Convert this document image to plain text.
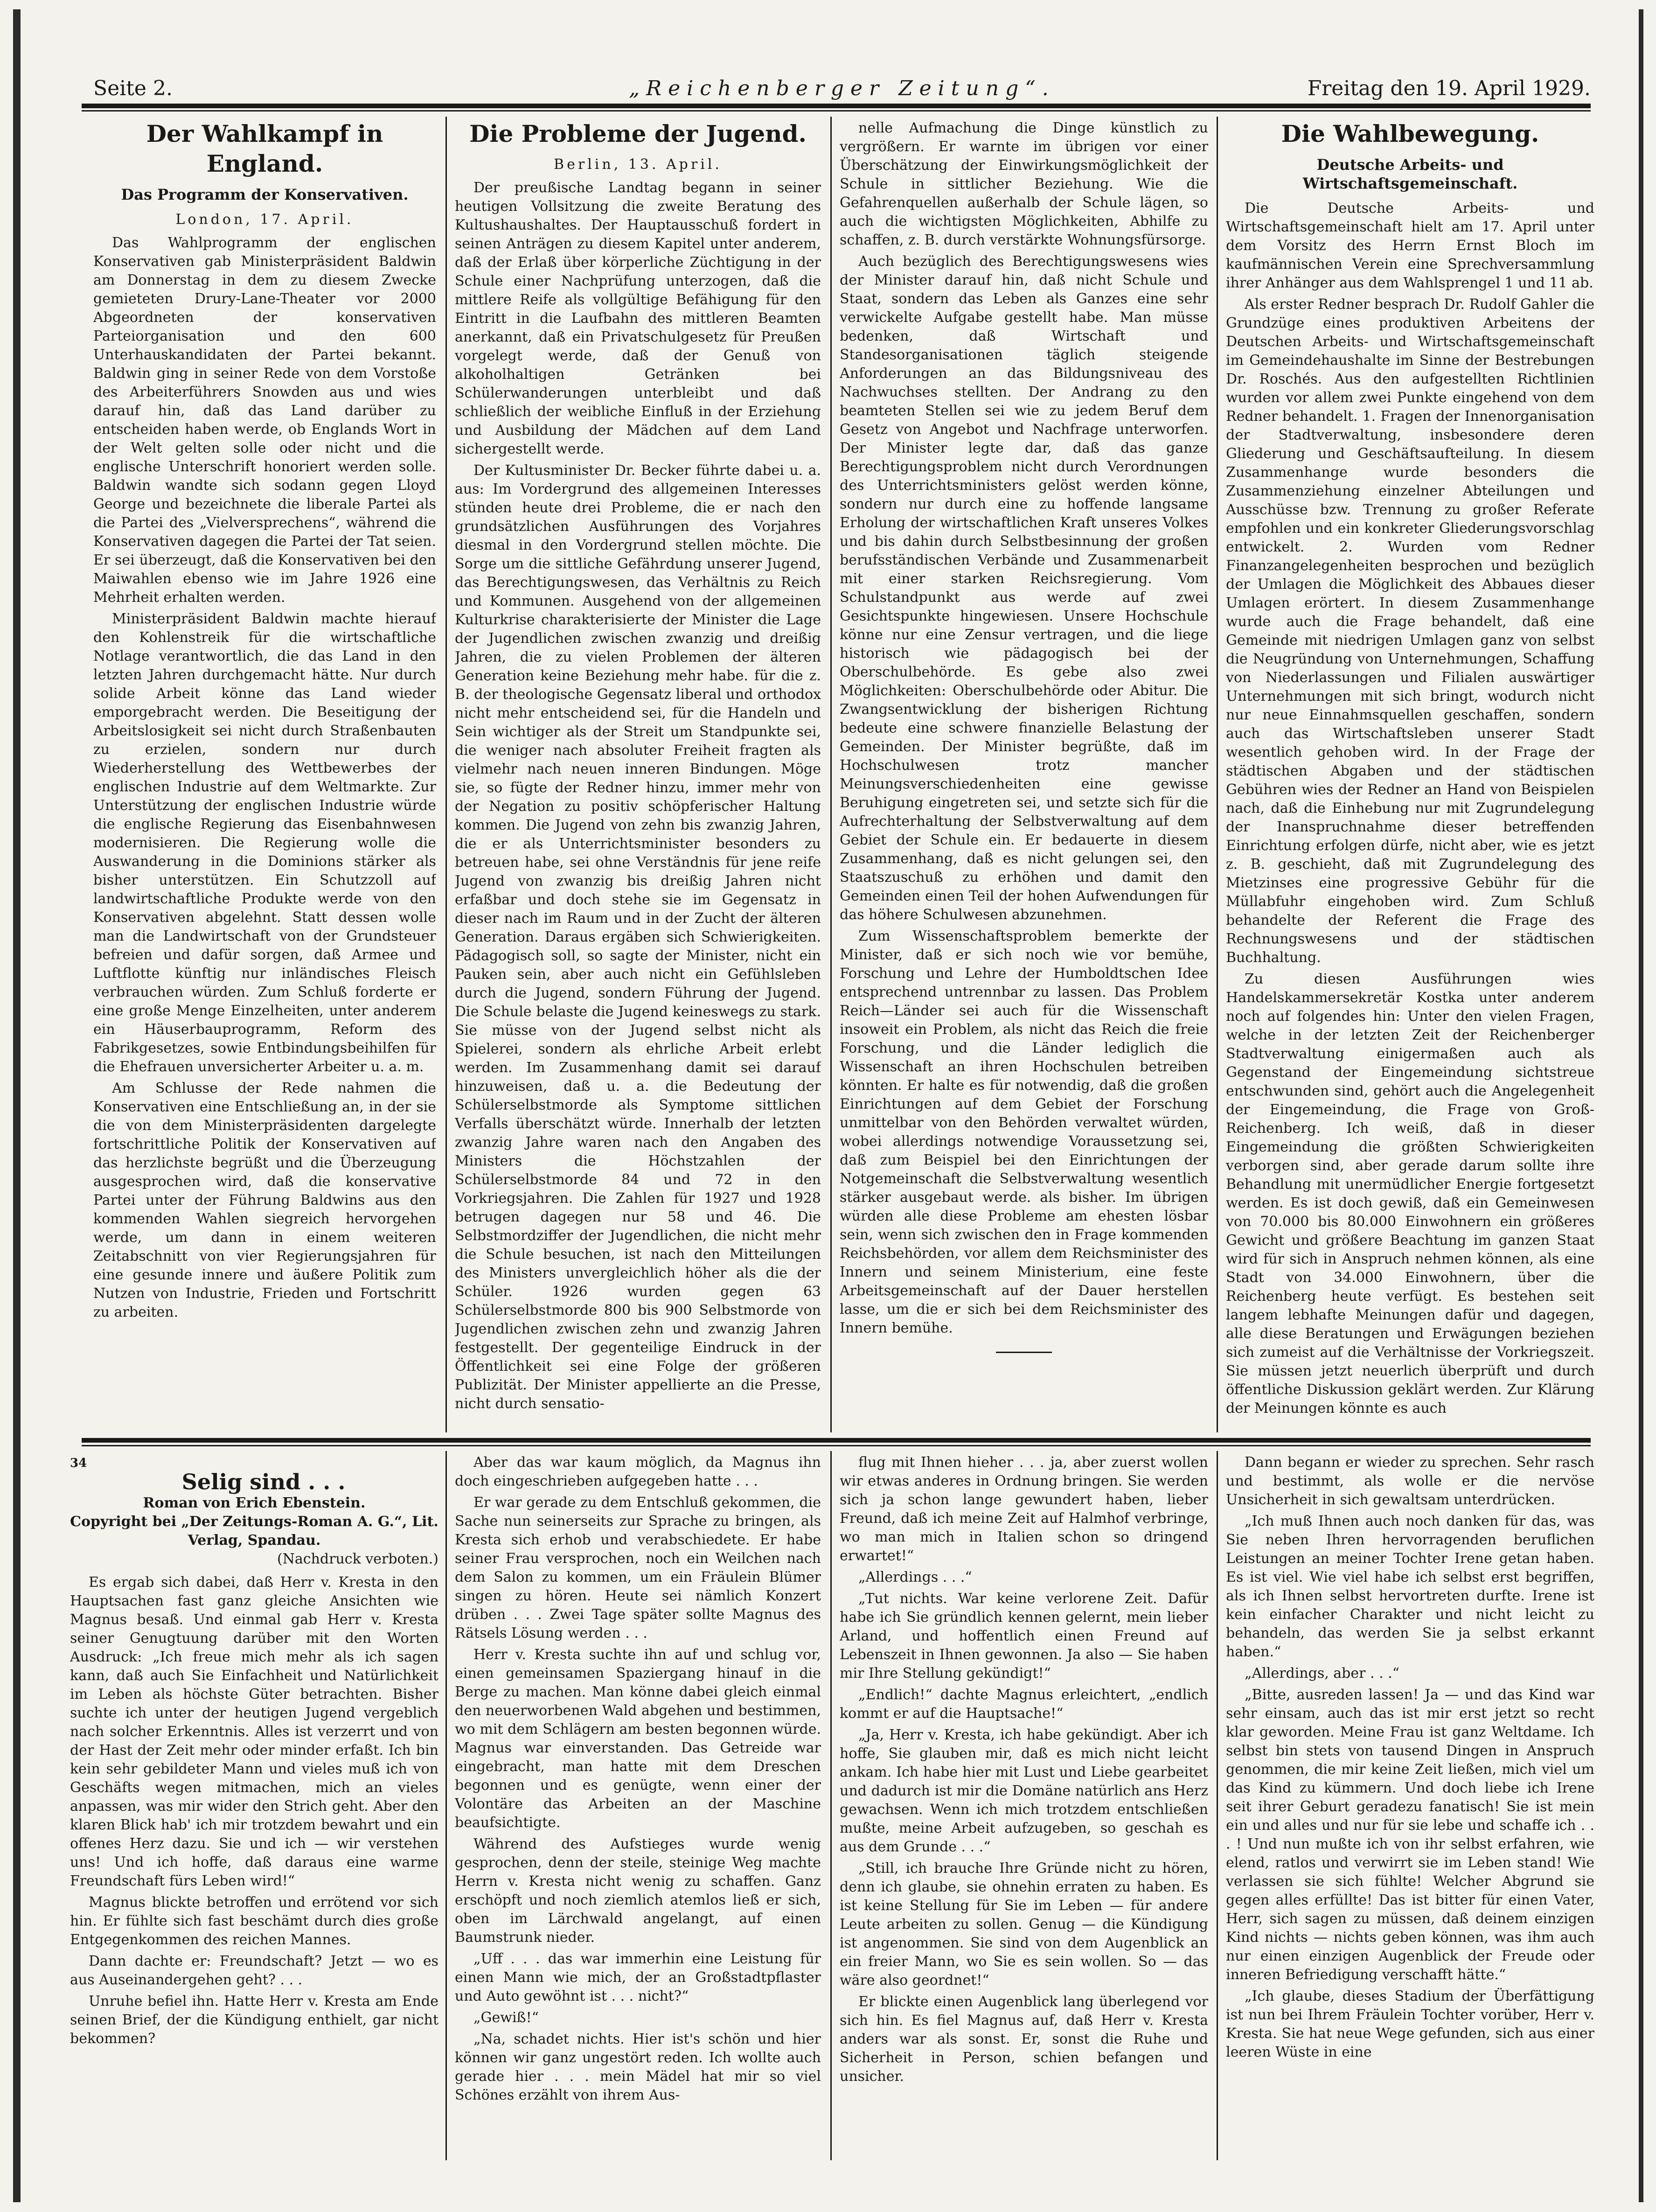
Seite 2.	„Reichenberger Zeitung“.	Freitag den 19. April 1929.

Der Wahlkampf in England.

Das Programm der Konservativen.

London, 17. April.

Das Wahlprogramm der englischen Konservativen gab Ministerpräsident Baldwin am Donnerstag in dem zu diesem Zwecke gemieteten Drury-Lane-Theater vor 2000 Abgeordneten der konservativen Parteiorganisation und den 600 Unterhauskandidaten der Partei bekannt. Baldwin ging in seiner Rede von dem Vorstoße des Arbeiterführers Snowden aus und wies darauf hin, daß das Land darüber zu entscheiden haben werde, ob Englands Wort in der Welt gelten solle oder nicht und die englische Unterschrift honoriert werden solle. Baldwin wandte sich sodann gegen Lloyd George und bezeichnete die liberale Partei als die Partei des „Vielversprechens“, während die Konservativen dagegen die Partei der Tat seien. Er sei überzeugt, daß die Konservativen bei den Maiwahlen ebenso wie im Jahre 1926 eine Mehrheit erhalten werden.

Ministerpräsident Baldwin machte hierauf den Kohlenstreik für die wirtschaftliche Notlage verantwortlich, die das Land in den letzten Jahren durchgemacht hätte. Nur durch solide Arbeit könne das Land wieder emporgebracht werden. Die Beseitigung der Arbeitslosigkeit sei nicht durch Straßenbauten zu erzielen, sondern nur durch Wiederherstellung des Wettbewerbes der englischen Industrie auf dem Weltmarkte. Zur Unterstützung der englischen Industrie würde die englische Regierung das Eisenbahnwesen modernisieren. Die Regierung wolle die Auswanderung in die Dominions stärker als bisher unterstützen. Ein Schutzzoll auf landwirtschaftliche Produkte werde von den Konservativen abgelehnt. Statt dessen wolle man die Landwirtschaft von der Grundsteuer befreien und dafür sorgen, daß Armee und Luftflotte künftig nur inländisches Fleisch verbrauchen würden. Zum Schluß forderte er eine große Menge Einzelheiten, unter anderem ein Häuserbauprogramm, Reform des Fabrikgesetzes, sowie Entbindungsbeihilfen für die Ehefrauen unversicherter Arbeiter u. a. m.

Am Schlusse der Rede nahmen die Konservativen eine Entschließung an, in der sie die von dem Ministerpräsidenten dargelegte fortschrittliche Politik der Konservativen auf das herzlichste begrüßt und die Überzeugung ausgesprochen wird, daß die konservative Partei unter der Führung Baldwins aus den kommenden Wahlen siegreich hervorgehen werde, um dann in einem weiteren Zeitabschnitt von vier Regierungsjahren für eine gesunde innere und äußere Politik zum Nutzen von Industrie, Frieden und Fortschritt zu arbeiten.

Die Probleme der Jugend.

Berlin, 13. April.

Der preußische Landtag begann in seiner heutigen Vollsitzung die zweite Beratung des Kultushaushaltes. Der Hauptausschuß fordert in seinen Anträgen zu diesem Kapitel unter anderem, daß der Erlaß über körperliche Züchtigung in der Schule einer Nachprüfung unterzogen, daß die mittlere Reife als vollgültige Befähigung für den Eintritt in die Laufbahn des mittleren Beamten anerkannt, daß ein Privatschulgesetz für Preußen vorgelegt werde, daß der Genuß von alkoholhaltigen Getränken bei Schülerwanderungen unterbleibt und daß schließlich der weibliche Einfluß in der Erziehung und Ausbildung der Mädchen auf dem Land sichergestellt werde.

Der Kultusminister Dr. Becker führte dabei u. a. aus: Im Vordergrund des allgemeinen Interesses stünden heute drei Probleme, die er nach den grundsätzlichen Ausführungen des Vorjahres diesmal in den Vordergrund stellen möchte. Die Sorge um die sittliche Gefährdung unserer Jugend, das Berechtigungswesen, das Verhältnis zu Reich und Kommunen. Ausgehend von der allgemeinen Kulturkrise charakterisierte der Minister die Lage der Jugendlichen zwischen zwanzig und dreißig Jahren, die zu vielen Problemen der älteren Generation keine Beziehung mehr habe. für die z. B. der theologische Gegensatz liberal und orthodox nicht mehr entscheidend sei, für die Handeln und Sein wichtiger als der Streit um Standpunkte sei, die weniger nach absoluter Freiheit fragten als vielmehr nach neuen inneren Bindungen. Möge sie, so fügte der Redner hinzu, immer mehr von der Negation zu positiv schöpferischer Haltung kommen. Die Jugend von zehn bis zwanzig Jahren, die er als Unterrichtsminister besonders zu betreuen habe, sei ohne Verständnis für jene reife Jugend von zwanzig bis dreißig Jahren nicht erfaßbar und doch stehe sie im Gegensatz in dieser nach im Raum und in der Zucht der älteren Generation. Daraus ergäben sich Schwierigkeiten. Pädagogisch soll, so sagte der Minister, nicht ein Pauken sein, aber auch nicht ein Gefühlsleben durch die Jugend, sondern Führung der Jugend. Die Schule belaste die Jugend keineswegs zu stark. Sie müsse von der Jugend selbst nicht als Spielerei, sondern als ehrliche Arbeit erlebt werden. Im Zusammenhang damit sei darauf hinzuweisen, daß u. a. die Bedeutung der Schülerselbstmorde als Symptome sittlichen Verfalls überschätzt würde. Innerhalb der letzten zwanzig Jahre waren nach den Angaben des Ministers die Höchstzahlen der Schülerselbstmorde 84 und 72 in den Vorkriegsjahren. Die Zahlen für 1927 und 1928 betrugen dagegen nur 58 und 46. Die Selbstmordziffer der Jugendlichen, die nicht mehr die Schule besuchen, ist nach den Mitteilungen des Ministers unvergleichlich höher als die der Schüler. 1926 wurden gegen 63 Schülerselbstmorde 800 bis 900 Selbstmorde von Jugendlichen zwischen zehn und zwanzig Jahren festgestellt. Der gegenteilige Eindruck in der Öffentlichkeit sei eine Folge der größeren Publizität. Der Minister appellierte an die Presse, nicht durch sensatio-

nelle Aufmachung die Dinge künstlich zu vergrößern. Er warnte im übrigen vor einer Überschätzung der Einwirkungsmöglichkeit der Schule in sittlicher Beziehung. Wie die Gefahrenquellen außerhalb der Schule lägen, so auch die wichtigsten Möglichkeiten, Abhilfe zu schaffen, z. B. durch verstärkte Wohnungsfürsorge.

Auch bezüglich des Berechtigungswesens wies der Minister darauf hin, daß nicht Schule und Staat, sondern das Leben als Ganzes eine sehr verwickelte Aufgabe gestellt habe. Man müsse bedenken, daß Wirtschaft und Standesorganisationen täglich steigende Anforderungen an das Bildungsniveau des Nachwuchses stellten. Der Andrang zu den beamteten Stellen sei wie zu jedem Beruf dem Gesetz von Angebot und Nachfrage unterworfen. Der Minister legte dar, daß das ganze Berechtigungsproblem nicht durch Verordnungen des Unterrichtsministers gelöst werden könne, sondern nur durch eine zu hoffende langsame Erholung der wirtschaftlichen Kraft unseres Volkes und bis dahin durch Selbstbesinnung der großen berufsständischen Verbände und Zusammenarbeit mit einer starken Reichsregierung. Vom Schulstandpunkt aus werde auf zwei Gesichtspunkte hingewiesen. Unsere Hochschule könne nur eine Zensur vertragen, und die liege historisch wie pädagogisch bei der Oberschulbehörde. Es gebe also zwei Möglichkeiten: Oberschulbehörde oder Abitur. Die Zwangsentwicklung der bisherigen Richtung bedeute eine schwere finanzielle Belastung der Gemeinden. Der Minister begrüßte, daß im Hochschulwesen trotz mancher Meinungsverschiedenheiten eine gewisse Beruhigung eingetreten sei, und setzte sich für die Aufrechterhaltung der Selbstverwaltung auf dem Gebiet der Schule ein. Er bedauerte in diesem Zusammenhang, daß es nicht gelungen sei, den Staatszuschuß zu erhöhen und damit den Gemeinden einen Teil der hohen Aufwendungen für das höhere Schulwesen abzunehmen.

Zum Wissenschaftsproblem bemerkte der Minister, daß er sich noch wie vor bemühe, Forschung und Lehre der Humboldtschen Idee entsprechend untrennbar zu lassen. Das Problem Reich—Länder sei auch für die Wissenschaft insoweit ein Problem, als nicht das Reich die freie Forschung, und die Länder lediglich die Wissenschaft an ihren Hochschulen betreiben könnten. Er halte es für notwendig, daß die großen Einrichtungen auf dem Gebiet der Forschung unmittelbar von den Behörden verwaltet würden, wobei allerdings notwendige Voraussetzung sei, daß zum Beispiel bei den Einrichtungen der Notgemeinschaft die Selbstverwaltung wesentlich stärker ausgebaut werde. als bisher. Im übrigen würden alle diese Probleme am ehesten lösbar sein, wenn sich zwischen den in Frage kommenden Reichsbehörden, vor allem dem Reichsminister des Innern und seinem Ministerium, eine feste Arbeitsgemeinschaft auf der Dauer herstellen lasse, um die er sich bei dem Reichsminister des Innern bemühe.

Die Wahlbewegung.

Deutsche Arbeits- und Wirtschaftsgemeinschaft.

Die Deutsche Arbeits- und Wirtschaftsgemeinschaft hielt am 17. April unter dem Vorsitz des Herrn Ernst Bloch im kaufmännischen Verein eine Sprechversammlung ihrer Anhänger aus dem Wahlsprengel 1 und 11 ab.

Als erster Redner besprach Dr. Rudolf Gahler die Grundzüge eines produktiven Arbeitens der Deutschen Arbeits- und Wirtschaftsgemeinschaft im Gemeindehaushalte im Sinne der Bestrebungen Dr. Roschés. Aus den aufgestellten Richtlinien wurden vor allem zwei Punkte eingehend von dem Redner behandelt. 1. Fragen der Innenorganisation der Stadtverwaltung, insbesondere deren Gliederung und Geschäftsaufteilung. In diesem Zusammenhange wurde besonders die Zusammenziehung einzelner Abteilungen und Ausschüsse bzw. Trennung zu großer Referate empfohlen und ein konkreter Gliederungsvorschlag entwickelt. 2. Wurden vom Redner Finanzangelegenheiten besprochen und bezüglich der Umlagen die Möglichkeit des Abbaues dieser Umlagen erörtert. In diesem Zusammenhange wurde auch die Frage behandelt, daß eine Gemeinde mit niedrigen Umlagen ganz von selbst die Neugründung von Unternehmungen, Schaffung von Niederlassungen und Filialen auswärtiger Unternehmungen mit sich bringt, wodurch nicht nur neue Einnahmsquellen geschaffen, sondern auch das Wirtschaftsleben unserer Stadt wesentlich gehoben wird. In der Frage der städtischen Abgaben und der städtischen Gebühren wies der Redner an Hand von Beispielen nach, daß die Einhebung nur mit Zugrundelegung der Inanspruchnahme dieser betreffenden Einrichtung erfolgen dürfe, nicht aber, wie es jetzt z. B. geschieht, daß mit Zugrundelegung des Mietzinses eine progressive Gebühr für die Müllabfuhr eingehoben wird. Zum Schluß behandelte der Referent die Frage des Rechnungswesens und der städtischen Buchhaltung.

Zu diesen Ausführungen wies Handelskammersekretär Kostka unter anderem noch auf folgendes hin: Unter den vielen Fragen, welche in der letzten Zeit der Reichenberger Stadtverwaltung einigermaßen auch als Gegenstand der Eingemeindung sichtstreue entschwunden sind, gehört auch die Angelegenheit der Eingemeindung, die Frage von Groß-Reichenberg. Ich weiß, daß in dieser Eingemeindung die größten Schwierigkeiten verborgen sind, aber gerade darum sollte ihre Behandlung mit unermüdlicher Energie fortgesetzt werden. Es ist doch gewiß, daß ein Gemeinwesen von 70.000 bis 80.000 Einwohnern ein größeres Gewicht und größere Beachtung im ganzen Staat wird für sich in Anspruch nehmen können, als eine Stadt von 34.000 Einwohnern, über die Reichenberg heute verfügt. Es bestehen seit langem lebhafte Meinungen dafür und dagegen, alle diese Beratungen und Erwägungen beziehen sich zumeist auf die Verhältnisse der Vorkriegszeit. Sie müssen jetzt neuerlich überprüft und durch öffentliche Diskussion geklärt werden. Zur Klärung der Meinungen könnte es auch

34

Selig sind . . .

Roman von Erich Ebenstein.

Copyright bei „Der Zeitungs-Roman A. G.“, Lit. Verlag, Spandau.

(Nachdruck verboten.)

Es ergab sich dabei, daß Herr v. Kresta in den Hauptsachen fast ganz gleiche Ansichten wie Magnus besaß. Und einmal gab Herr v. Kresta seiner Genugtuung darüber mit den Worten Ausdruck: „Ich freue mich mehr als ich sagen kann, daß auch Sie Einfachheit und Natürlichkeit im Leben als höchste Güter betrachten. Bisher suchte ich unter der heutigen Jugend vergeblich nach solcher Erkenntnis. Alles ist verzerrt und von der Hast der Zeit mehr oder minder erfaßt. Ich bin kein sehr gebildeter Mann und vieles muß ich von Geschäfts wegen mitmachen, mich an vieles anpassen, was mir wider den Strich geht. Aber den klaren Blick hab' ich mir trotzdem bewahrt und ein offenes Herz dazu. Sie und ich — wir verstehen uns! Und ich hoffe, daß daraus eine warme Freundschaft fürs Leben wird!“

Magnus blickte betroffen und errötend vor sich hin. Er fühlte sich fast beschämt durch dies große Entgegenkommen des reichen Mannes.

Dann dachte er: Freundschaft? Jetzt — wo es aus Auseinandergehen geht? . . .

Unruhe befiel ihn. Hatte Herr v. Kresta am Ende seinen Brief, der die Kündigung enthielt, gar nicht bekommen?

Aber das war kaum möglich, da Magnus ihn doch eingeschrieben aufgegeben hatte . . .

Er war gerade zu dem Entschluß gekommen, die Sache nun seinerseits zur Sprache zu bringen, als Kresta sich erhob und verabschiedete. Er habe seiner Frau versprochen, noch ein Weilchen nach dem Salon zu kommen, um ein Fräulein Blümer singen zu hören. Heute sei nämlich Konzert drüben . . . Zwei Tage später sollte Magnus des Rätsels Lösung werden . . .

Herr v. Kresta suchte ihn auf und schlug vor, einen gemeinsamen Spaziergang hinauf in die Berge zu machen. Man könne dabei gleich einmal den neuerworbenen Wald abgehen und bestimmen, wo mit dem Schlägern am besten begonnen würde. Magnus war einverstanden. Das Getreide war eingebracht, man hatte mit dem Dreschen begonnen und es genügte, wenn einer der Volontäre das Arbeiten an der Maschine beaufsichtigte.

Während des Aufstieges wurde wenig gesprochen, denn der steile, steinige Weg machte Herrn v. Kresta nicht wenig zu schaffen. Ganz erschöpft und noch ziemlich atemlos ließ er sich, oben im Lärchwald angelangt, auf einen Baumstrunk nieder.

„Uff . . . das war immerhin eine Leistung für einen Mann wie mich, der an Großstadtpflaster und Auto gewöhnt ist . . . nicht?“

„Gewiß!“

„Na, schadet nichts. Hier ist's schön und hier können wir ganz ungestört reden. Ich wollte auch gerade hier . . . mein Mädel hat mir so viel Schönes erzählt von ihrem Aus-

flug mit Ihnen hieher . . . ja, aber zuerst wollen wir etwas anderes in Ordnung bringen. Sie werden sich ja schon lange gewundert haben, lieber Freund, daß ich meine Zeit auf Halmhof verbringe, wo man mich in Italien schon so dringend erwartet!“

„Allerdings . . .“

„Tut nichts. War keine verlorene Zeit. Dafür habe ich Sie gründlich kennen gelernt, mein lieber Arland, und hoffentlich einen Freund auf Lebenszeit in Ihnen gewonnen. Ja also — Sie haben mir Ihre Stellung gekündigt!“

„Endlich!“ dachte Magnus erleichtert, „endlich kommt er auf die Hauptsache!“

„Ja, Herr v. Kresta, ich habe gekündigt. Aber ich hoffe, Sie glauben mir, daß es mich nicht leicht ankam. Ich habe hier mit Lust und Liebe gearbeitet und dadurch ist mir die Domäne natürlich ans Herz gewachsen. Wenn ich mich trotzdem entschließen mußte, meine Arbeit aufzugeben, so geschah es aus dem Grunde . . .“

„Still, ich brauche Ihre Gründe nicht zu hören, denn ich glaube, sie ohnehin erraten zu haben. Es ist keine Stellung für Sie im Leben — für andere Leute arbeiten zu sollen. Genug — die Kündigung ist angenommen. Sie sind von dem Augenblick an ein freier Mann, wo Sie es sein wollen. So — das wäre also geordnet!“

Er blickte einen Augenblick lang überlegend vor sich hin. Es fiel Magnus auf, daß Herr v. Kresta anders war als sonst. Er, sonst die Ruhe und Sicherheit in Person, schien befangen und unsicher.

Dann begann er wieder zu sprechen. Sehr rasch und bestimmt, als wolle er die nervöse Unsicherheit in sich gewaltsam unterdrücken.

„Ich muß Ihnen auch noch danken für das, was Sie neben Ihren hervorragenden beruflichen Leistungen an meiner Tochter Irene getan haben. Es ist viel. Wie viel habe ich selbst erst begriffen, als ich Ihnen selbst hervortreten durfte. Irene ist kein einfacher Charakter und nicht leicht zu behandeln, das werden Sie ja selbst erkannt haben.“

„Allerdings, aber . . .“

„Bitte, ausreden lassen! Ja — und das Kind war sehr einsam, auch das ist mir erst jetzt so recht klar geworden. Meine Frau ist ganz Weltdame. Ich selbst bin stets von tausend Dingen in Anspruch genommen, die mir keine Zeit ließen, mich viel um das Kind zu kümmern. Und doch liebe ich Irene seit ihrer Geburt geradezu fanatisch! Sie ist mein ein und alles und nur für sie lebe und schaffe ich . . . ! Und nun mußte ich von ihr selbst erfahren, wie elend, ratlos und verwirrt sie im Leben stand! Wie verlassen sie sich fühlte! Welcher Abgrund sie gegen alles erfüllte! Das ist bitter für einen Vater, Herr, sich sagen zu müssen, daß deinem einzigen Kind nichts — nichts geben können, was ihm auch nur einen einzigen Augenblick der Freude oder inneren Befriedigung verschafft hätte.“

„Ich glaube, dieses Stadium der Überfättigung ist nun bei Ihrem Fräulein Tochter vorüber, Herr v. Kresta. Sie hat neue Wege gefunden, sich aus einer leeren Wüste in eine
